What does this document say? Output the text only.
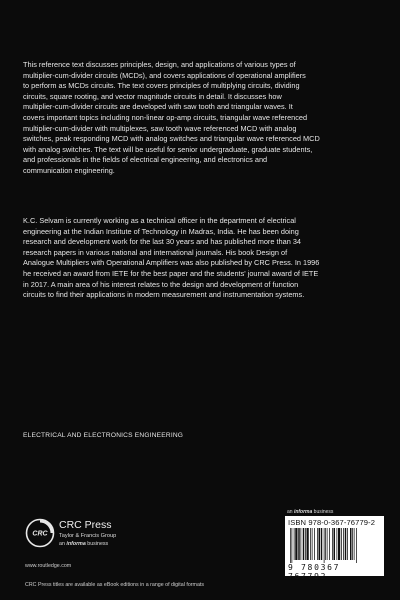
This reference text discusses principles, design, and applications of various types of
multiplier-cum-divider circuits (MCDs), and covers applications of operational amplifiers
to perform as MCDs circuits. The text covers principles of multiplying circuits, dividing
circuits, square rooting, and vector magnitude circuits in detail. It discusses how
multiplier-cum-divider circuits are developed with saw tooth and triangular waves. It
covers important topics including non-linear op-amp circuits, triangular wave referenced
multiplier-cum-divider with multiplexes, saw tooth wave referenced MCD with analog
switches, peak responding MCD with analog switches and triangular wave referenced MCD
with analog switches. The text will be useful for senior undergraduate, graduate students,
and professionals in the fields of electrical engineering, and electronics and
communication engineering.
K.C. Selvam is currently working as a technical officer in the department of electrical
engineering at the Indian Institute of Technology in Madras, India. He has been doing
research and development work for the last 30 years and has published more than 34
research papers in various national and international journals. His book Design of
Analogue Multipliers with Operational Amplifiers was also published by CRC Press. In 1996
he received an award from IETE for the best paper and the students' journal award of IETE
in 2017. A main area of his interest relates to the design and development of function
circuits to find their applications in modern measurement and instrumentation systems.
ELECTRICAL AND ELECTRONICS ENGINEERING
an informa business
ISBN 978-0-367-76779-2
9 780367 767792
CRC
CRC Press
Taylor & Francis Group
an informa business
www.routledge.com
CRC Press titles are available as eBook editions in a range of digital formats
